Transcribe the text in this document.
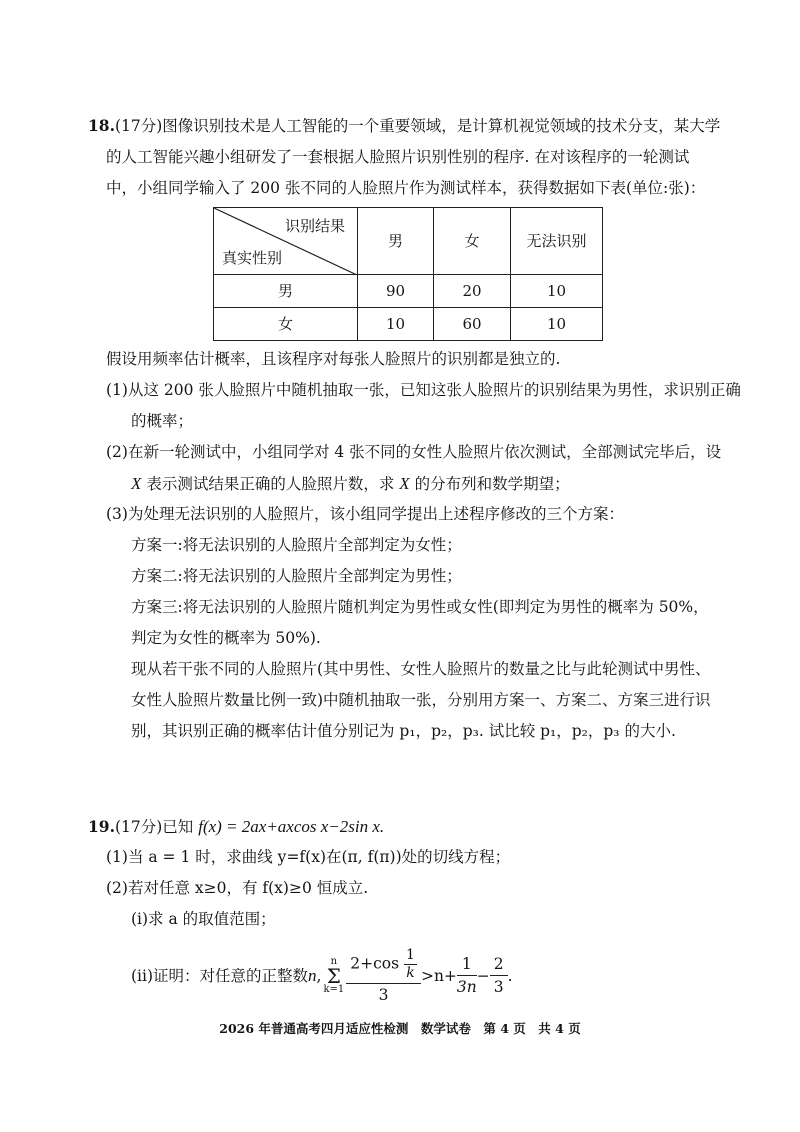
18.(17分)图像识别技术是人工智能的一个重要领域，是计算机视觉领域的技术分支，某大学
的人工智能兴趣小组研发了一套根据人脸照片识别性别的程序. 在对该程序的一轮测试
中，小组同学输入了 200 张不同的人脸照片作为测试样本，获得数据如下表(单位:张)：
识别结果
真实性别	男	女	无法识别
男	90	20	10
女	10	60	10
假设用频率估计概率，且该程序对每张人脸照片的识别都是独立的.
(1)从这 200 张人脸照片中随机抽取一张，已知这张人脸照片的识别结果为男性，求识别正确
的概率；
(2)在新一轮测试中，小组同学对 4 张不同的女性人脸照片依次测试，全部测试完毕后，设
X 表示测试结果正确的人脸照片数，求 X 的分布列和数学期望；
(3)为处理无法识别的人脸照片，该小组同学提出上述程序修改的三个方案：
方案一:将无法识别的人脸照片全部判定为女性；
方案二:将无法识别的人脸照片全部判定为男性；
方案三:将无法识别的人脸照片随机判定为男性或女性(即判定为男性的概率为 50%，
判定为女性的概率为 50%).
现从若干张不同的人脸照片(其中男性、女性人脸照片的数量之比与此轮测试中男性、
女性人脸照片数量比例一致)中随机抽取一张，分别用方案一、方案二、方案三进行识
别，其识别正确的概率估计值分别记为 p₁，p₂，p₃. 试比较 p₁，p₂，p₃ 的大小.
19.(17分)已知 f(x) = 2ax+axcos x−2sin x.
(1)当 a = 1 时，求曲线 y=f(x)在(π, f(π))处的切线方程；
(2)若对任意 x≥0，有 f(x)≥0 恒成立.
(i)求 a 的取值范围；
(ii)证明：对任意的正整数 n ,
n
Σ
$k=1 \frac{2+\cos \frac{1}{k}}{3} >n+ \frac{1}{3n} - \frac{2}{3}$ .
2026 年普通高考四月适应性检测　数学试卷　第 4 页　共 4 页
